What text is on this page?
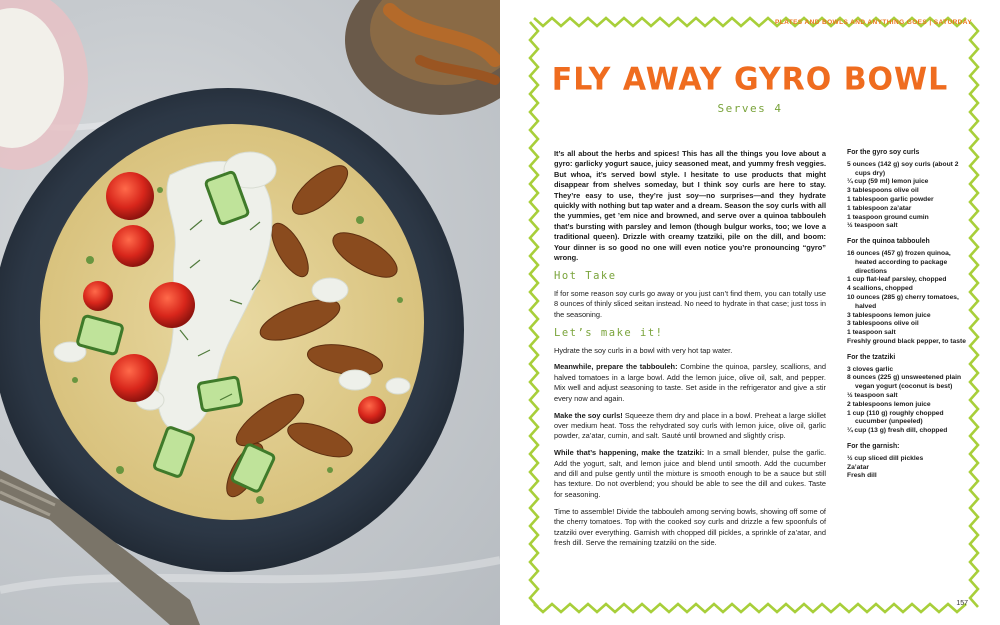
PLATES AND BOWLS AND ANYTHING GOES | SATURDAY
FLY AWAY GYRO BOWL
Serves 4

It’s all about the herbs and spices! This has all the things you love about a gyro: garlicky yogurt sauce, juicy seasoned meat, and yummy fresh veggies. But whoa, it’s served bowl style. I hesitate to use products that might disappear from shelves someday, but I think soy curls are here to stay. They’re easy to use, they’re just soy—no surprises—and they hydrate quickly with nothing but tap water and a dream. Season the soy curls with all the yummies, get ’em nice and browned, and serve over a quinoa tabbouleh that’s bursting with parsley and lemon (though bulgur works, too; we love a traditional queen). Drizzle with creamy tzatziki, pile on the dill, and boom: Your dinner is so good no one will even notice you’re pronouncing “gyro” wrong.

Hot Take

If for some reason soy curls go away or you just can’t find them, you can totally use 8 ounces of thinly sliced seitan instead. No need to hydrate in that case; just toss in the seasoning.

Let’s make it!

Hydrate the soy curls in a bowl with very hot tap water.

Meanwhile, prepare the tabbouleh: Combine the quinoa, parsley, scallions, and halved tomatoes in a large bowl. Add the lemon juice, olive oil, salt, and pepper. Mix well and adjust seasoning to taste. Set aside in the refrigerator and give a stir every now and again.

Make the soy curls! Squeeze them dry and place in a bowl. Preheat a large skillet over medium heat. Toss the rehydrated soy curls with lemon juice, olive oil, garlic powder, za’atar, cumin, and salt. Sauté until browned and slightly crisp.

While that’s happening, make the tzatziki: In a small blender, pulse the garlic. Add the yogurt, salt, and lemon juice and blend until smooth. Add the cucumber and dill and pulse gently until the mixture is smooth enough to be a sauce but still has texture. Do not overblend; you should be able to see the dill and cukes. Taste for seasoning.

Time to assemble! Divide the tabbouleh among serving bowls, showing off some of the cherry tomatoes. Top with the cooked soy curls and drizzle a few spoonfuls of tzatziki over everything. Garnish with chopped dill pickles, a sprinkle of za’atar, and fresh dill. Serve the remaining tzatziki on the side.

For the gyro soy curls
5 ounces (142 g) soy curls (about 2 cups dry)
¼ cup (59 ml) lemon juice
3 tablespoons olive oil
1 tablespoon garlic powder
1 tablespoon za’atar
1 teaspoon ground cumin
½ teaspoon salt
For the quinoa tabbouleh
16 ounces (457 g) frozen quinoa, heated according to package directions
1 cup flat-leaf parsley, chopped
4 scallions, chopped
10 ounces (285 g) cherry tomatoes, halved
3 tablespoons lemon juice
3 tablespoons olive oil
1 teaspoon salt
Freshly ground black pepper, to taste
For the tzatziki
3 cloves garlic
8 ounces (225 g) unsweetened plain vegan yogurt (coconut is best)
½ teaspoon salt
2 tablespoons lemon juice
1 cup (110 g) roughly chopped cucumber (unpeeled)
¼ cup (13 g) fresh dill, chopped
For the garnish:
½ cup sliced dill pickles
Za’atar
Fresh dill
157
